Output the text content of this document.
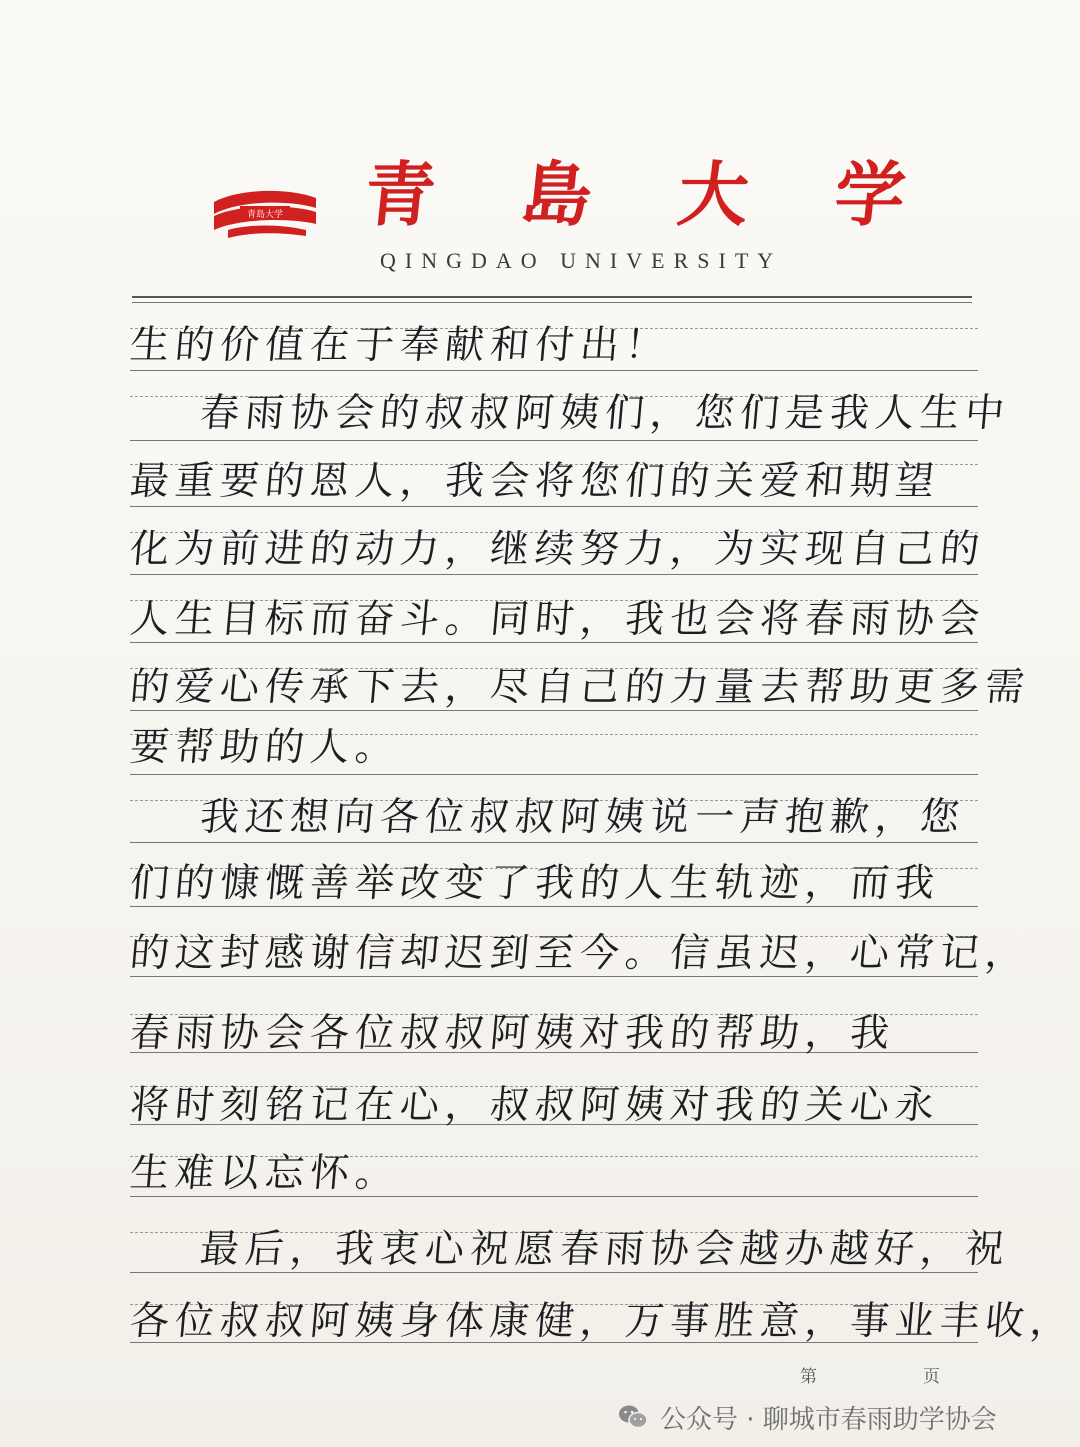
青島大学 青 島 大 学
QINGDAO UNIVERSITY
生的价值在于奉献和付出！
春雨协会的叔叔阿姨们，您们是我人生中
最重要的恩人，我会将您们的关爱和期望
化为前进的动力，继续努力，为实现自己的
人生目标而奋斗。同时，我也会将春雨协会
的爱心传承下去，尽自己的力量去帮助更多需
要帮助的人。
我还想向各位叔叔阿姨说一声抱歉，您
们的慷慨善举改变了我的人生轨迹，而我
的这封感谢信却迟到至今。信虽迟，心常记，
春雨协会各位叔叔阿姨对我的帮助，我
将时刻铭记在心，叔叔阿姨对我的关心永
生难以忘怀。
最后，我衷心祝愿春雨协会越办越好，祝
各位叔叔阿姨身体康健，万事胜意，事业丰收，
第	页
公众号 · 聊城市春雨助学协会
